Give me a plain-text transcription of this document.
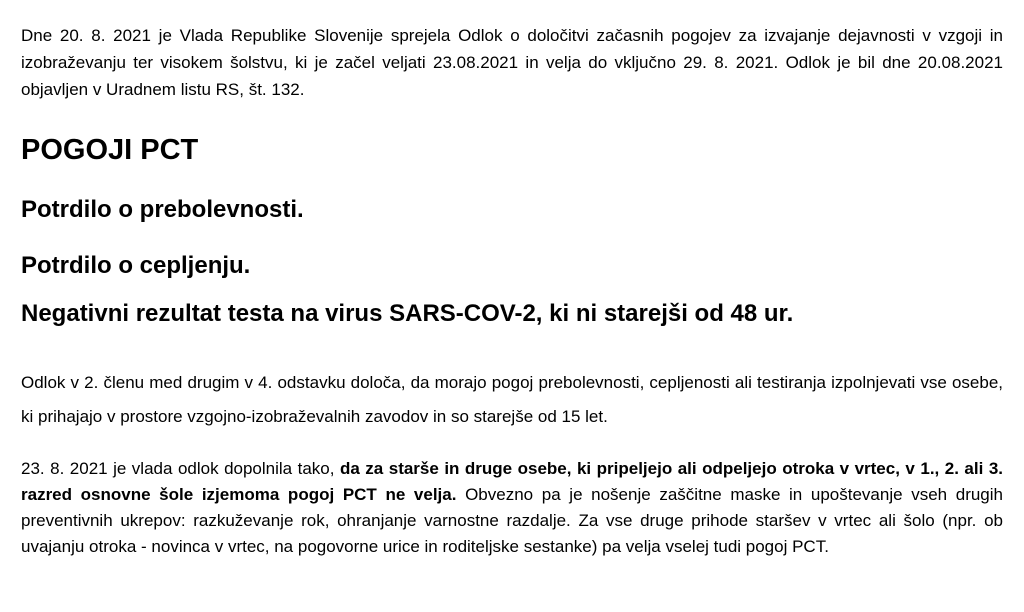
Dne 20. 8. 2021 je Vlada Republike Slovenije sprejela Odlok o določitvi začasnih pogojev za izvajanje dejavnosti v vzgoji in izobraževanju ter visokem šolstvu, ki je začel veljati 23.08.2021 in velja do vključno 29. 8. 2021. Odlok je bil dne 20.08.2021 objavljen v Uradnem listu RS, št. 132.

POGOJI PCT

Potrdilo o prebolevnosti.

Potrdilo o cepljenju.

Negativni rezultat testa na virus SARS-COV-2, ki ni starejši od 48 ur.

Odlok v 2. členu med drugim v 4. odstavku določa, da morajo pogoj prebolevnosti, cepljenosti ali testiranja izpolnjevati vse osebe, ki prihajajo v prostore vzgojno-izobraževalnih zavodov in so starejše od 15 let.

23. 8. 2021 je vlada odlok dopolnila tako, da za starše in druge osebe, ki pripeljejo ali odpeljejo otroka v vrtec, v 1., 2. ali 3. razred osnovne šole izjemoma pogoj PCT ne velja. Obvezno pa je nošenje zaščitne maske in upoštevanje vseh drugih preventivnih ukrepov: razkuževanje rok, ohranjanje varnostne razdalje. Za vse druge prihode staršev v vrtec ali šolo (npr. ob uvajanju otroka - novinca v vrtec, na pogovorne urice in roditeljske sestanke) pa velja vselej tudi pogoj PCT.
